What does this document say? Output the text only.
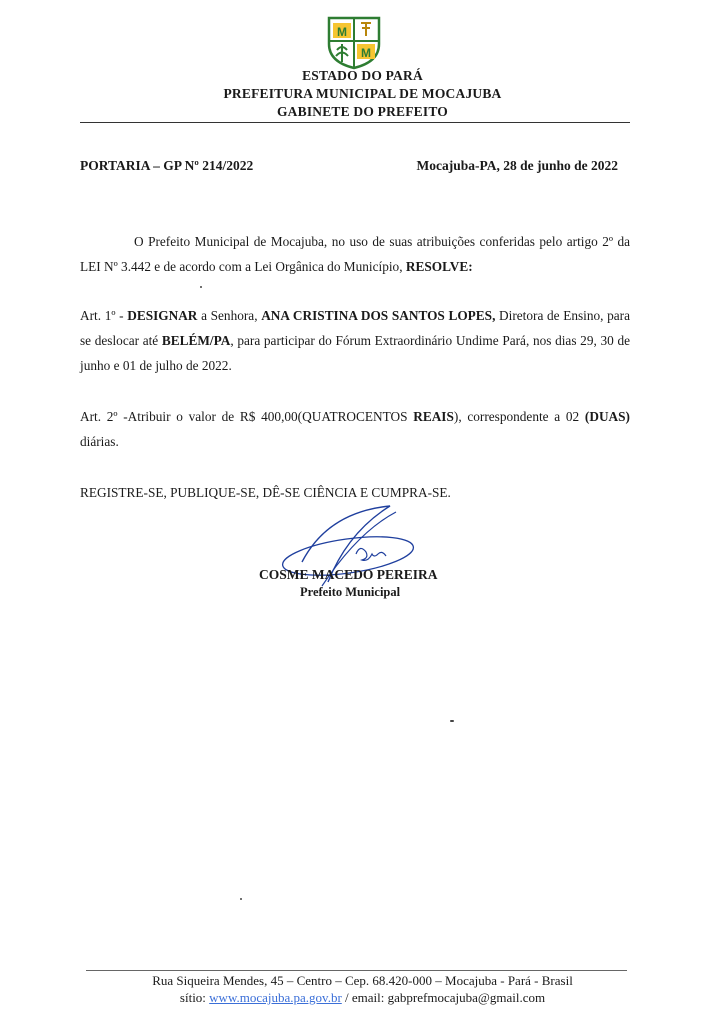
M
M
ESTADO DO PARÁ
PREFEITURA MUNICIPAL DE MOCAJUBA
GABINETE DO PREFEITO
PORTARIA – GP Nº 214/2022	Mocajuba-PA, 28 de junho de 2022

O Prefeito Municipal de Mocajuba, no uso de suas atribuições conferidas pelo artigo 2º da LEI Nº 3.442 e de acordo com a Lei Orgânica do Município, RESOLVE:

Art. 1º - DESIGNAR a Senhora, ANA CRISTINA DOS SANTOS LOPES, Diretora de Ensino, para se deslocar até BELÉM/PA, para participar do Fórum Extraordinário Undime Pará, nos dias 29, 30 de junho e 01 de julho de 2022.

Art. 2º -Atribuir o valor de R$ 400,00(QUATROCENTOS REAIS), correspondente a 02 (DUAS) diárias.

REGISTRE-SE, PUBLIQUE-SE, DÊ-SE CIÊNCIA E CUMPRA-SE.

COSME MACEDO PEREIRA
Prefeito Municipal
Rua Siqueira Mendes, 45 – Centro – Cep. 68.420-000 – Mocajuba - Pará - Brasil
sítio: www.mocajuba.pa.gov.br / email: gabprefmocajuba@gmail.com
